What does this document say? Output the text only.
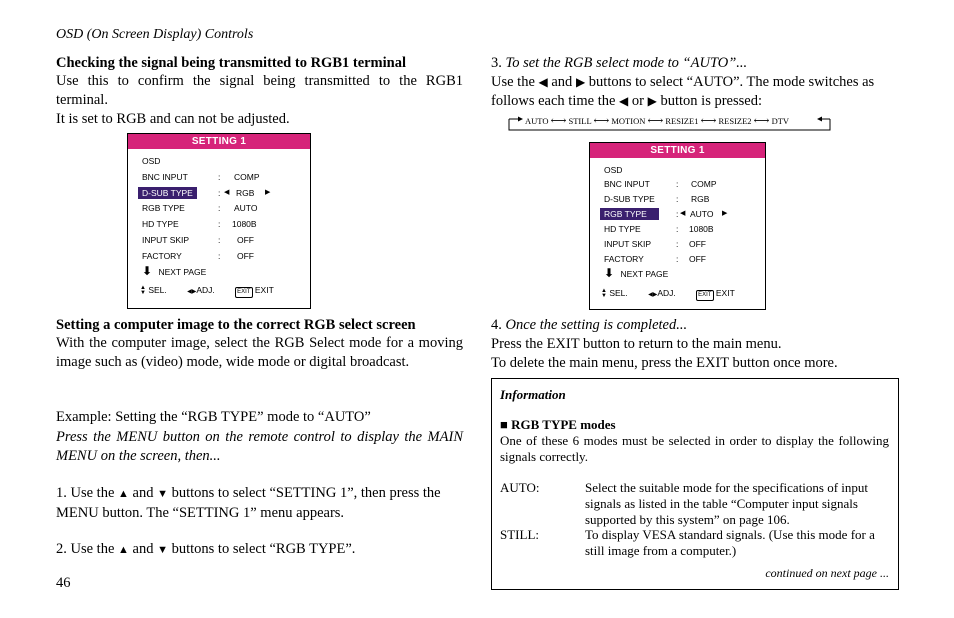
OSD (On Screen Display) Controls
Checking the signal being transmitted to RGB1 terminal

Use this to confirm the signal being transmitted to the RGB1 terminal.

It is set to RGB and can not be adjusted.

SETTING 1
OSD
BNC INPUT	: COMP
D-SUB TYPE	: ◀ RGB ▶
RGB TYPE	: AUTO
HD TYPE	: 1080B
INPUT SKIP	: OFF
FACTORY	: OFF
⬇ NEXT PAGE
▲
▼ SEL.	◀▶ADJ.	EXIT EXIT
Setting a computer image to the correct RGB select screen

With the computer image, select the RGB Select mode for a moving image such as (video) mode, wide mode or digital broadcast.

Example: Setting the “RGB TYPE” mode to “AUTO”

Press the MENU button on the remote control to display the MAIN MENU on the screen, then...

1. Use the ▲ and ▼ buttons to select “SETTING 1”, then press the MENU button. The “SETTING 1” menu appears.

2. Use the ▲ and ▼ buttons to select “RGB TYPE”.

46

3. To set the RGB select mode to “AUTO”...

Use the ◀ and ▶ buttons to select “AUTO”. The mode switches as follows each time the ◀ or ▶ button is pressed:

AUTO ⟷ STILL ⟷ MOTION ⟷ RESIZE1 ⟷ RESIZE2 ⟷ DTV
SETTING 1
OSD
BNC INPUT	: COMP
D-SUB TYPE : RGB
RGB TYPE	: ◀ AUTO ▶
HD TYPE	: 1080B
INPUT SKIP	: OFF
FACTORY	: OFF
⬇ NEXT PAGE
▲
▼ SEL.	◀▶ADJ.	EXIT EXIT

4. Once the setting is completed...

Press the EXIT button to return to the main menu.

To delete the main menu, press the EXIT button once more.

Information
■ RGB TYPE modes

One of these 6 modes must be selected in order to display the following signals correctly.

AUTO:	Select the suitable mode for the specifications of input signals as listed in the table “Computer input signals supported by this system” on page 106.

STILL:	To display VESA standard signals. (Use this mode for a still image from a computer.)

continued on next page ...
